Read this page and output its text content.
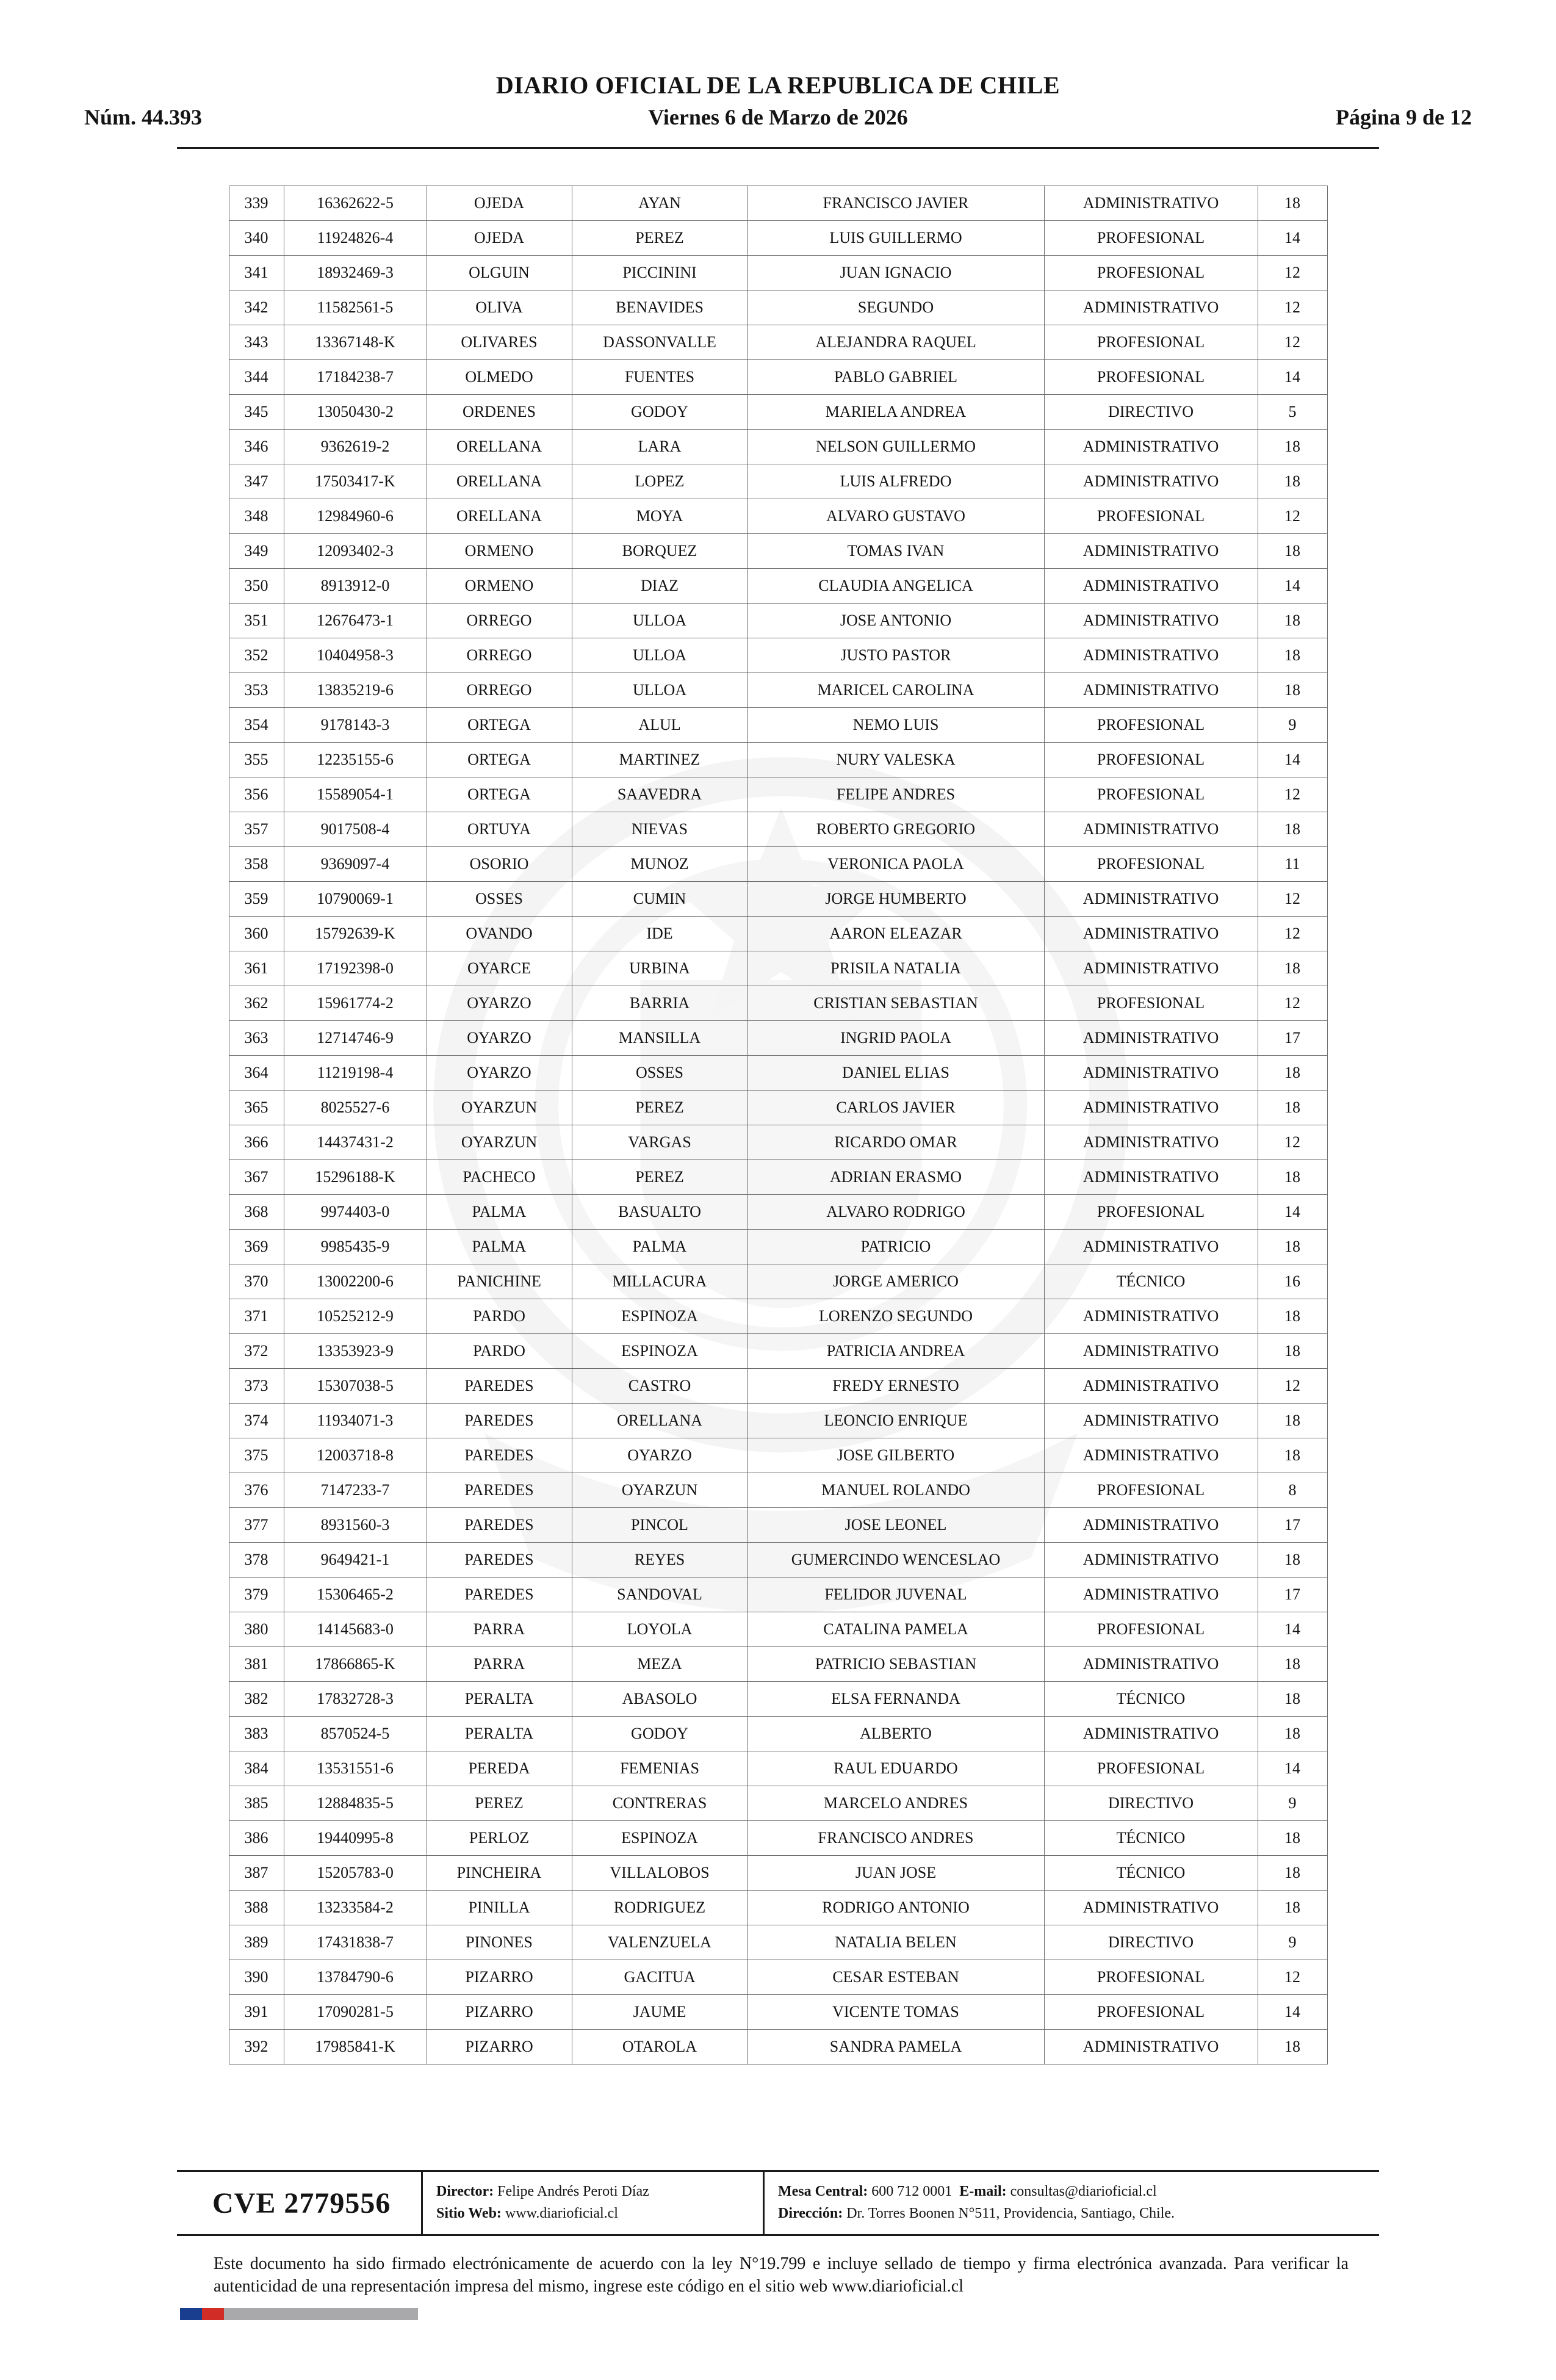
DIARIO OFICIAL DE LA REPUBLICA DE CHILE
Núm. 44.393	Viernes 6 de Marzo de 2026	Página 9 de 12
339	16362622-5	OJEDA	AYAN	FRANCISCO JAVIER	ADMINISTRATIVO	18
340	11924826-4	OJEDA	PEREZ	LUIS GUILLERMO	PROFESIONAL	14
341	18932469-3	OLGUIN	PICCININI	JUAN IGNACIO	PROFESIONAL	12
342	11582561-5	OLIVA	BENAVIDES	SEGUNDO	ADMINISTRATIVO	12
343	13367148-K	OLIVARES	DASSONVALLE	ALEJANDRA RAQUEL	PROFESIONAL	12
344	17184238-7	OLMEDO	FUENTES	PABLO GABRIEL	PROFESIONAL	14
345	13050430-2	ORDENES	GODOY	MARIELA ANDREA	DIRECTIVO	5
346	9362619-2	ORELLANA	LARA	NELSON GUILLERMO	ADMINISTRATIVO	18
347	17503417-K	ORELLANA	LOPEZ	LUIS ALFREDO	ADMINISTRATIVO	18
348	12984960-6	ORELLANA	MOYA	ALVARO GUSTAVO	PROFESIONAL	12
349	12093402-3	ORMENO	BORQUEZ	TOMAS IVAN	ADMINISTRATIVO	18
350	8913912-0	ORMENO	DIAZ	CLAUDIA ANGELICA	ADMINISTRATIVO	14
351	12676473-1	ORREGO	ULLOA	JOSE ANTONIO	ADMINISTRATIVO	18
352	10404958-3	ORREGO	ULLOA	JUSTO PASTOR	ADMINISTRATIVO	18
353	13835219-6	ORREGO	ULLOA	MARICEL CAROLINA	ADMINISTRATIVO	18
354	9178143-3	ORTEGA	ALUL	NEMO LUIS	PROFESIONAL	9
355	12235155-6	ORTEGA	MARTINEZ	NURY VALESKA	PROFESIONAL	14
356	15589054-1	ORTEGA	SAAVEDRA	FELIPE ANDRES	PROFESIONAL	12
357	9017508-4	ORTUYA	NIEVAS	ROBERTO GREGORIO	ADMINISTRATIVO	18
358	9369097-4	OSORIO	MUNOZ	VERONICA PAOLA	PROFESIONAL	11
359	10790069-1	OSSES	CUMIN	JORGE HUMBERTO	ADMINISTRATIVO	12
360	15792639-K	OVANDO	IDE	AARON ELEAZAR	ADMINISTRATIVO	12
361	17192398-0	OYARCE	URBINA	PRISILA NATALIA	ADMINISTRATIVO	18
362	15961774-2	OYARZO	BARRIA	CRISTIAN SEBASTIAN	PROFESIONAL	12
363	12714746-9	OYARZO	MANSILLA	INGRID PAOLA	ADMINISTRATIVO	17
364	11219198-4	OYARZO	OSSES	DANIEL ELIAS	ADMINISTRATIVO	18
365	8025527-6	OYARZUN	PEREZ	CARLOS JAVIER	ADMINISTRATIVO	18
366	14437431-2	OYARZUN	VARGAS	RICARDO OMAR	ADMINISTRATIVO	12
367	15296188-K	PACHECO	PEREZ	ADRIAN ERASMO	ADMINISTRATIVO	18
368	9974403-0	PALMA	BASUALTO	ALVARO RODRIGO	PROFESIONAL	14
369	9985435-9	PALMA	PALMA	PATRICIO	ADMINISTRATIVO	18
370	13002200-6	PANICHINE	MILLACURA	JORGE AMERICO	TÉCNICO	16
371	10525212-9	PARDO	ESPINOZA	LORENZO SEGUNDO	ADMINISTRATIVO	18
372	13353923-9	PARDO	ESPINOZA	PATRICIA ANDREA	ADMINISTRATIVO	18
373	15307038-5	PAREDES	CASTRO	FREDY ERNESTO	ADMINISTRATIVO	12
374	11934071-3	PAREDES	ORELLANA	LEONCIO ENRIQUE	ADMINISTRATIVO	18
375	12003718-8	PAREDES	OYARZO	JOSE GILBERTO	ADMINISTRATIVO	18
376	7147233-7	PAREDES	OYARZUN	MANUEL ROLANDO	PROFESIONAL	8
377	8931560-3	PAREDES	PINCOL	JOSE LEONEL	ADMINISTRATIVO	17
378	9649421-1	PAREDES	REYES	GUMERCINDO WENCESLAO	ADMINISTRATIVO	18
379	15306465-2	PAREDES	SANDOVAL	FELIDOR JUVENAL	ADMINISTRATIVO	17
380	14145683-0	PARRA	LOYOLA	CATALINA PAMELA	PROFESIONAL	14
381	17866865-K	PARRA	MEZA	PATRICIO SEBASTIAN	ADMINISTRATIVO	18
382	17832728-3	PERALTA	ABASOLO	ELSA FERNANDA	TÉCNICO	18
383	8570524-5	PERALTA	GODOY	ALBERTO	ADMINISTRATIVO	18
384	13531551-6	PEREDA	FEMENIAS	RAUL EDUARDO	PROFESIONAL	14
385	12884835-5	PEREZ	CONTRERAS	MARCELO ANDRES	DIRECTIVO	9
386	19440995-8	PERLOZ	ESPINOZA	FRANCISCO ANDRES	TÉCNICO	18
387	15205783-0	PINCHEIRA	VILLALOBOS	JUAN JOSE	TÉCNICO	18
388	13233584-2	PINILLA	RODRIGUEZ	RODRIGO ANTONIO	ADMINISTRATIVO	18
389	17431838-7	PINONES	VALENZUELA	NATALIA BELEN	DIRECTIVO	9
390	13784790-6	PIZARRO	GACITUA	CESAR ESTEBAN	PROFESIONAL	12
391	17090281-5	PIZARRO	JAUME	VICENTE TOMAS	PROFESIONAL	14
392	17985841-K	PIZARRO	OTAROLA	SANDRA PAMELA	ADMINISTRATIVO	18
CVE 2779556	Director: Felipe Andrés Peroti Díaz
Sitio Web: www.diarioficial.cl
Mesa Central: 600 712 0001 E-mail: consultas@diarioficial.cl
Dirección: Dr. Torres Boonen N°511, Providencia, Santiago, Chile.

Este documento ha sido firmado electrónicamente de acuerdo con la ley N°19.799 e incluye sellado de tiempo y firma electrónica avanzada. Para verificar la autenticidad de una representación impresa del mismo, ingrese este código en el sitio web www.diarioficial.cl
